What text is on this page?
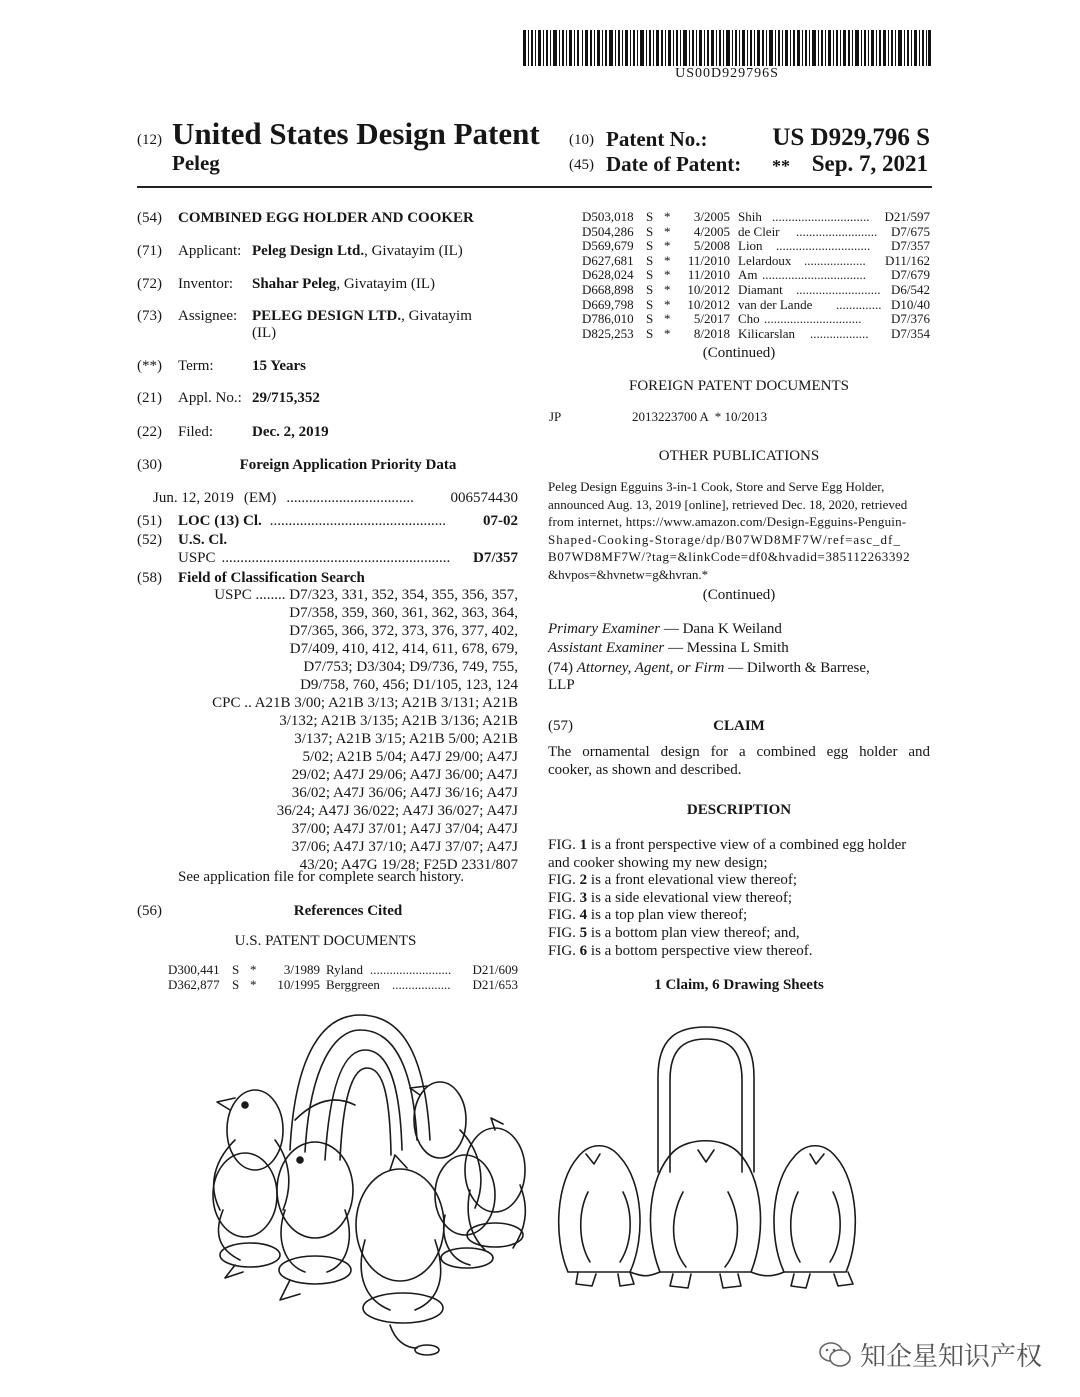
US00D929796S
(12) United States Design Patent
Peleg
(10) Patent No.:	US D929,796 S
(45) Date of Patent: ** Sep. 7, 2021
(54) COMBINED EGG HOLDER AND COOKER
(71) Applicant: Peleg Design Ltd., Givatayim (IL)
(72) Inventor: Shahar Peleg, Givatayim (IL)
(73) Assignee: PELEG DESIGN LTD., Givatayim
(IL)
(**) Term:	15 Years
(21) Appl. No.: 29/715,352
(22) Filed:	Dec. 2, 2019
(30)	Foreign Application Priority Data
Jun. 12, 2019 (EM) ..................................	006574430
(51) LOC (13) Cl. ...............................................	07-02
(52) U.S. Cl.
USPC .............................................................	D7/357
(58) Field of Classification Search
USPC ........ D7/323, 331, 352, 354, 355, 356, 357,
D7/358, 359, 360, 361, 362, 363, 364,
D7/365, 366, 372, 373, 376, 377, 402,
D7/409, 410, 412, 414, 611, 678, 679,
D7/753; D3/304; D9/736, 749, 755,
D9/758, 760, 456; D1/105, 123, 124
CPC .. A21B 3/00; A21B 3/13; A21B 3/131; A21B
3/132; A21B 3/135; A21B 3/136; A21B
3/137; A21B 3/15; A21B 5/00; A21B
5/02; A21B 5/04; A47J 29/00; A47J
29/02; A47J 29/06; A47J 36/00; A47J
36/02; A47J 36/06; A47J 36/16; A47J
36/24; A47J 36/022; A47J 36/027; A47J
37/00; A47J 37/01; A47J 37/04; A47J
37/06; A47J 37/10; A47J 37/07; A47J
43/20; A47G 19/28; F25D 2331/807
See application file for complete search history.
(56)	References Cited
U.S. PATENT DOCUMENTS
D300,441 S *	3/1989 Ryland .........................	D21/609
D362,877 S *	10/1995 Berggreen ..................	D21/653
D503,018 S *	3/2005 Shih .............................. D21/597
D504,286 S *	4/2005 de Cleir ......................... D7/675
D569,679 S *	5/2008 Lion ............................. D7/357
D627,681 S *	11/2010 Lelardoux ...................	D11/162
D628,024 S *	11/2010 Am ................................	D7/679
D668,898 S *	10/2012 Diamant .......................... D6/542
D669,798 S *	10/2012 van der Lande .............. D10/40
D786,010 S *	5/2017 Cho ..............................	D7/376
D825,253 S *	8/2018 Kilicarslan .................. D7/354
(Continued)
FOREIGN PATENT DOCUMENTS
JP	2013223700 A  * 10/2013
OTHER PUBLICATIONS
Peleg Design Egguins 3-in-1 Cook, Store and Serve Egg Holder,
announced Aug. 13, 2019 [online], retrieved Dec. 18, 2020, retrieved
from internet, https://www.amazon.com/Design-Egguins-Penguin-
Shaped-Cooking-Storage/dp/B07WD8MF7W/ref=asc_df_
B07WD8MF7W/?tag=&linkCode=df0&hvadid=385112263392
&hvpos=&hvnetw=g&hvran.*
(Continued)
Primary Examiner — Dana K Weiland
Assistant Examiner — Messina L Smith
(74) Attorney, Agent, or Firm — Dilworth & Barrese,
LLP
(57)	CLAIM
The ornamental design for a combined egg holder and
cooker, as shown and described.
DESCRIPTION
FIG. 1 is a front perspective view of a combined egg holder
and cooker showing my new design;
FIG. 2 is a front elevational view thereof;
FIG. 3 is a side elevational view thereof;
FIG. 4 is a top plan view thereof;
FIG. 5 is a bottom plan view thereof; and,
FIG. 6 is a bottom perspective view thereof.
1 Claim, 6 Drawing Sheets
知企星知识产权
